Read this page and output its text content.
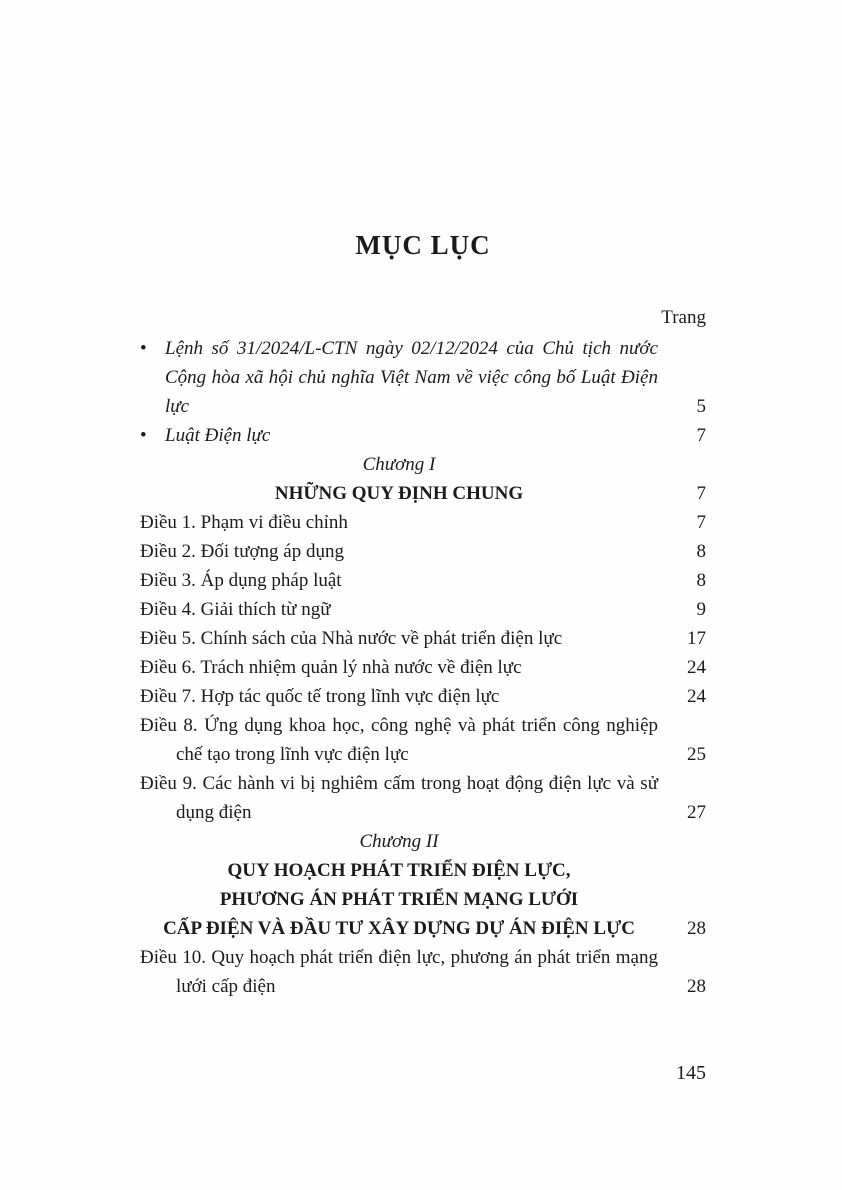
MỤC LỤC
Trang
• Lệnh số 31/2024/L-CTN ngày 02/12/2024 của Chủ tịch nước Cộng hòa xã hội chủ nghĩa Việt Nam về việc công bố Luật Điện lực	5
• Luật Điện lực	7
Chương I
NHỮNG QUY ĐỊNH CHUNG	7
Điều 1. Phạm vi điều chỉnh	7
Điều 2. Đối tượng áp dụng	8
Điều 3. Áp dụng pháp luật	8
Điều 4. Giải thích từ ngữ	9
Điều 5. Chính sách của Nhà nước về phát triển điện lực	17
Điều 6. Trách nhiệm quản lý nhà nước về điện lực	24
Điều 7. Hợp tác quốc tế trong lĩnh vực điện lực	24
Điều 8. Ứng dụng khoa học, công nghệ và phát triển công nghiệp chế tạo trong lĩnh vực điện lực	25
Điều 9. Các hành vi bị nghiêm cấm trong hoạt động điện lực và sử dụng điện	27
Chương II
QUY HOẠCH PHÁT TRIỂN ĐIỆN LỰC,
PHƯƠNG ÁN PHÁT TRIỂN MẠNG LƯỚI
CẤP ĐIỆN VÀ ĐẦU TƯ XÂY DỰNG DỰ ÁN ĐIỆN LỰC	28
Điều 10. Quy hoạch phát triển điện lực, phương án phát triển mạng lưới cấp điện	28
145
